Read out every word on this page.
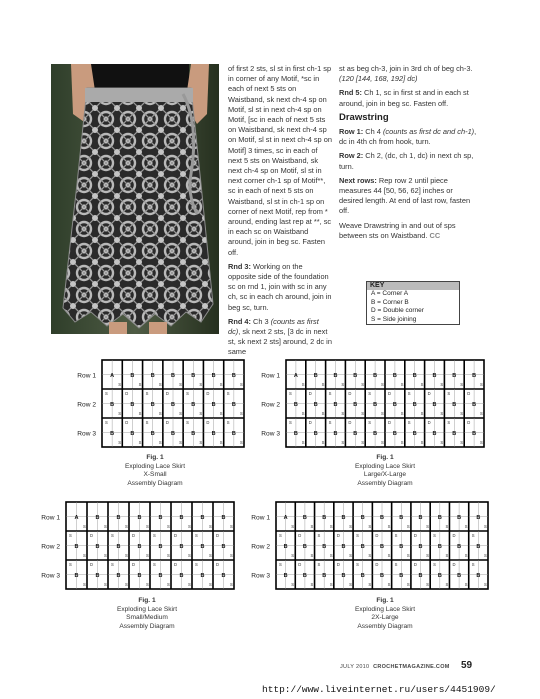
of first 2 sts, sl st in first ch-1 sp in corner of any Motif, *sc in each of next 5 sts on Waistband, sk next ch-4 sp on Motif, sl st in next ch-4 sp on Motif, [sc in each of next 5 sts on Waistband, sk next ch-4 sp on Motif, sl st in next ch-4 sp on Motif] 3 times, sc in each of next 5 sts on Waistband, sk next ch-4 sp on Motif, sl st in next corner ch-1 sp of Motif**, sc in each of next 5 sts on Waistband, sl st in ch-1 sp on corner of next Motif, rep from * around, ending last rep at **, sc in each sc on Waistband around, join in beg sc. Fasten off.

Rnd 3: Working on the opposite side of the foundation sc on rnd 1, join with sc in any ch, sc in each ch around, join in beg sc, turn.

Rnd 4: Ch 3 (counts as first dc), sk next 2 sts, [3 dc in next st, sk next 2 sts] around, 2 dc in same

st as beg ch-3, join in 3rd ch of beg ch-3.
(120 [144, 168, 192] dc)

Rnd 5: Ch 1, sc in first st and in each st around, join in beg sc. Fasten off.

Drawstring

Row 1: Ch 4 (counts as first dc and ch-1), dc in 4th ch from hook, turn.

Row 2: Ch 2, (dc, ch 1, dc) in next ch sp, turn.

Next rows: Rep row 2 until piece measures 44 [50, 56, 62] inches or desired length. At end of last row, fasten off.

Weave Drawstring in and out of sps between sts on Waistband. CC

KEY
A = Corner A
B = Corner B
D = Double corner
S = Side joining
A
S
B
S
B
S
B
S
B
S
B
S
B
S
B
S
S
B
D
S
B
S
S
B
D
S
B
S
S
B
D
S
B
S
S
B
S
S
B
D
S
B
S
S
B
D
S
B
S
S
B
D
S
B
S
S
Row 1
Row 2
Row 3
Fig. 1
Exploding Lace Skirt
X-Small
Assembly Diagram
A
S
B
S
B
S
B
S
B
S
B
S
B
S
B
S
B
S
B
S
B
S
S
B
D
S
B
S
S
B
D
S
B
S
S
B
D
S
B
S
S
B
D
S
B
S
S
B
D
S
B
S
S
B
D
S
B
S
S
B
D
S
B
S
S
B
D
S
B
S
S
B
D
S
B
S
S
B
D
S
Row 1
Row 2
Row 3
Fig. 1
Exploding Lace Skirt
Large/X-Large
Assembly Diagram
A
S
B
S
B
S
B
S
B
S
B
S
B
S
B
S
B
S
S
B
D
S
B
S
S
B
D
S
B
S
S
B
D
S
B
S
S
B
D
S
B
S
S
B
D
S
B
S
S
B
D
S
B
S
S
B
D
S
B
S
S
B
D
S
Row 1
Row 2
Row 3
Fig. 1
Exploding Lace Skirt
Small/Medium
Assembly Diagram
A
S
B
S
B
S
B
S
B
S
B
S
B
S
B
S
B
S
B
S
B
S
B
S
S
B
D
S
B
S
S
B
D
S
B
S
S
B
D
S
B
S
S
B
D
S
B
S
S
B
D
S
B
S
S
B
S
S
B
D
S
B
S
S
B
D
S
B
S
S
B
D
S
B
S
S
B
D
S
B
S
S
B
D
S
B
S
S
Row 1
Row 2
Row 3
Fig. 1
Exploding Lace Skirt
2X-Large
Assembly Diagram
JULY 2010 CROCHETMAGAZINE.COM 59
http://www.liveinternet.ru/users/4451909/
